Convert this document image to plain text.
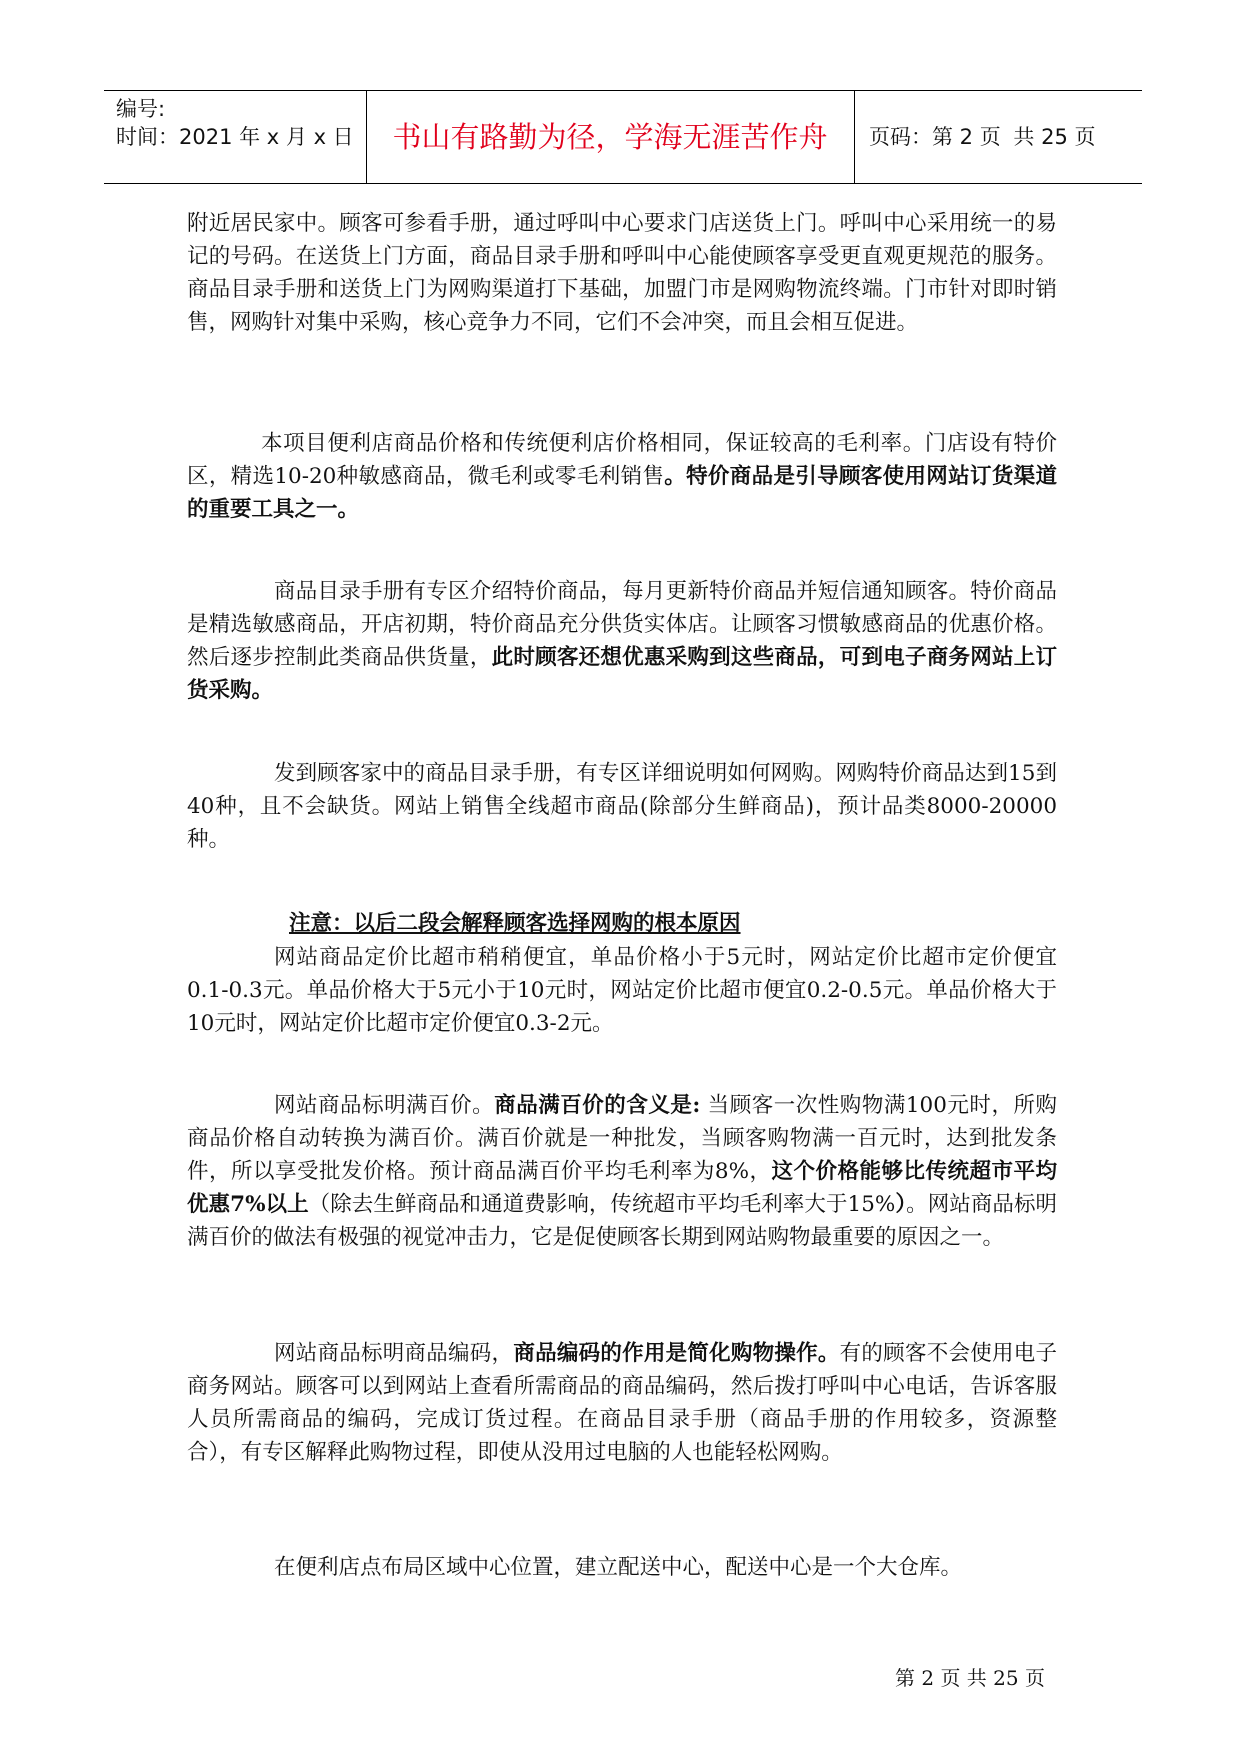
编号:
时间：2021 年 x 月 x 日	书山有路勤为径，学海无涯苦作舟	页码：第 2 页 共 25 页

附近居民家中。顾客可参看手册，通过呼叫中心要求门店送货上门。呼叫中心采用统一的易记的号码。在送货上门方面，商品目录手册和呼叫中心能使顾客享受更直观更规范的服务。商品目录手册和送货上门为网购渠道打下基础，加盟门市是网购物流终端。门市针对即时销售，网购针对集中采购，核心竞争力不同，它们不会冲突，而且会相互促进。

本项目便利店商品价格和传统便利店价格相同，保证较高的毛利率。门店设有特价区，精选10-20种敏感商品，微毛利或零毛利销售。特价商品是引导顾客使用网站订货渠道的重要工具之一。

商品目录手册有专区介绍特价商品，每月更新特价商品并短信通知顾客。特价商品是精选敏感商品，开店初期，特价商品充分供货实体店。让顾客习惯敏感商品的优惠价格。然后逐步控制此类商品供货量，此时顾客还想优惠采购到这些商品，可到电子商务网站上订货采购。

发到顾客家中的商品目录手册，有专区详细说明如何网购。网购特价商品达到15到40种，且不会缺货。网站上销售全线超市商品(除部分生鲜商品)，预计品类8000-20000种。

注意：以后二段会解释顾客选择网购的根本原因

网站商品定价比超市稍稍便宜，单品价格小于5元时，网站定价比超市定价便宜0.1-0.3元。单品价格大于5元小于10元时，网站定价比超市便宜0.2-0.5元。单品价格大于10元时，网站定价比超市定价便宜0.3-2元。

网站商品标明满百价。商品满百价的含义是: 当顾客一次性购物满100元时，所购商品价格自动转换为满百价。满百价就是一种批发，当顾客购物满一百元时，达到批发条件，所以享受批发价格。预计商品满百价平均毛利率为8%，这个价格能够比传统超市平均优惠7%以上（除去生鲜商品和通道费影响，传统超市平均毛利率大于15%）。网站商品标明满百价的做法有极强的视觉冲击力，它是促使顾客长期到网站购物最重要的原因之一。

网站商品标明商品编码，商品编码的作用是简化购物操作。有的顾客不会使用电子商务网站。顾客可以到网站上查看所需商品的商品编码，然后拨打呼叫中心电话，告诉客服人员所需商品的编码，完成订货过程。在商品目录手册（商品手册的作用较多，资源整合），有专区解释此购物过程，即使从没用过电脑的人也能轻松网购。

在便利店点布局区域中心位置，建立配送中心，配送中心是一个大仓库。

第 2 页 共 25 页
